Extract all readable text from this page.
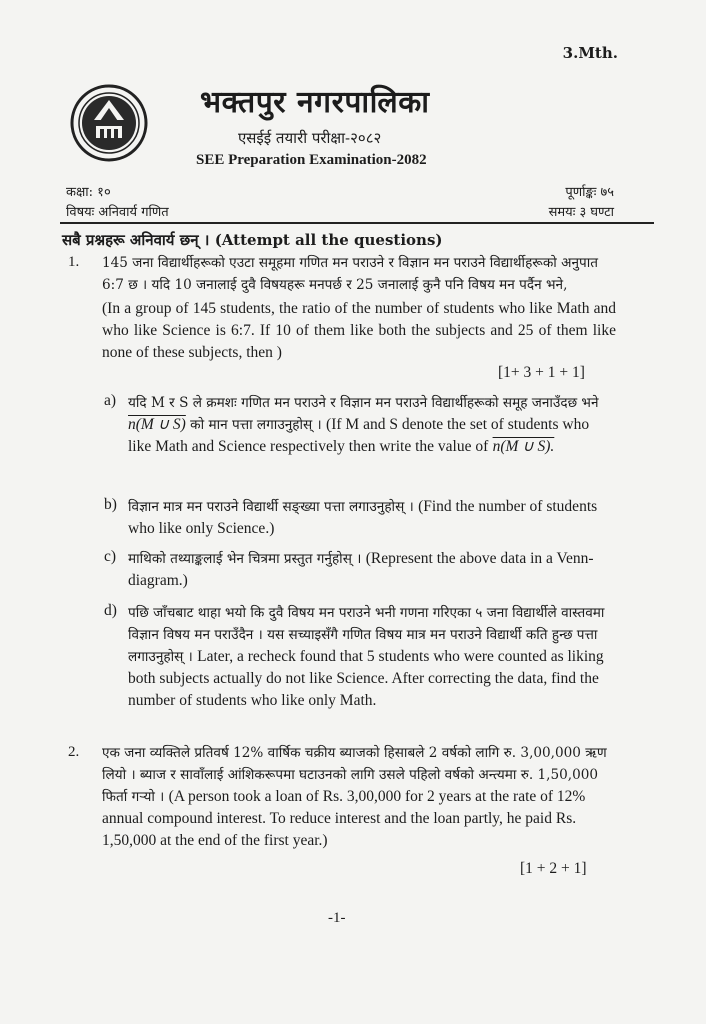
3.Mth.
भक्तपुर नगरपालिका
एसईई तयारी परीक्षा-२०८२
SEE Preparation Examination-2082
कक्षा: १०	पूर्णाङ्कः ७५
विषयः अनिवार्य गणित	समयः ३ घण्टा
सबै प्रश्नहरू अनिवार्य छन् । (Attempt all the questions)
1. 145 जना विद्यार्थीहरूको एउटा समूहमा गणित मन पराउने र विज्ञान मन पराउने विद्यार्थीहरूको अनुपात 6:7 छ । यदि 10 जनालाई दुवै विषयहरू मनपर्छ र 25 जनालाई कुनै पनि विषय मन पर्दैन भने,
(In a group of 145 students, the ratio of the number of students who like Math and who like Science is 6:7. If 10 of them like both the subjects and 25 of them like none of these subjects, then )
[1+ 3 + 1 + 1]
a) यदि M र S ले क्रमशः गणित मन पराउने र विज्ञान मन पराउने विद्यार्थीहरूको समूह जनाउँदछ भने n(M ∪ S) को मान पत्ता लगाउनुहोस् । (If M and S denote the set of students who like Math and Science respectively then write the value of n(M ∪ S).
b) विज्ञान मात्र मन पराउने विद्यार्थी सङ्ख्या पत्ता लगाउनुहोस् । (Find the number of students who like only Science.)
c) माथिको तथ्याङ्कलाई भेन चित्रमा प्रस्तुत गर्नुहोस् । (Represent the above data in a Venn-diagram.)
d) पछि जाँचबाट थाहा भयो कि दुवै विषय मन पराउने भनी गणना गरिएका ५ जना विद्यार्थीले वास्तवमा विज्ञान विषय मन पराउँदैन । यस सच्याइसँगै गणित विषय मात्र मन पराउने विद्यार्थी कति हुन्छ पत्ता लगाउनुहोस् । Later, a recheck found that 5 students who were counted as liking both subjects actually do not like Science. After correcting the data, find the number of students who like only Math.
2. एक जना व्यक्तिले प्रतिवर्ष 12% वार्षिक चक्रीय ब्याजको हिसाबले 2 वर्षको लागि रु. 3,00,000 ऋण लियो । ब्याज र सावाँलाई आंशिकरूपमा घटाउनको लागि उसले पहिलो वर्षको अन्त्यमा रु. 1,50,000 फिर्ता गर्‍यो । (A person took a loan of Rs. 3,00,000 for 2 years at the rate of 12% annual compound interest. To reduce interest and the loan partly, he paid Rs. 1,50,000 at the end of the first year.)
[1 + 2 + 1]
-1-
